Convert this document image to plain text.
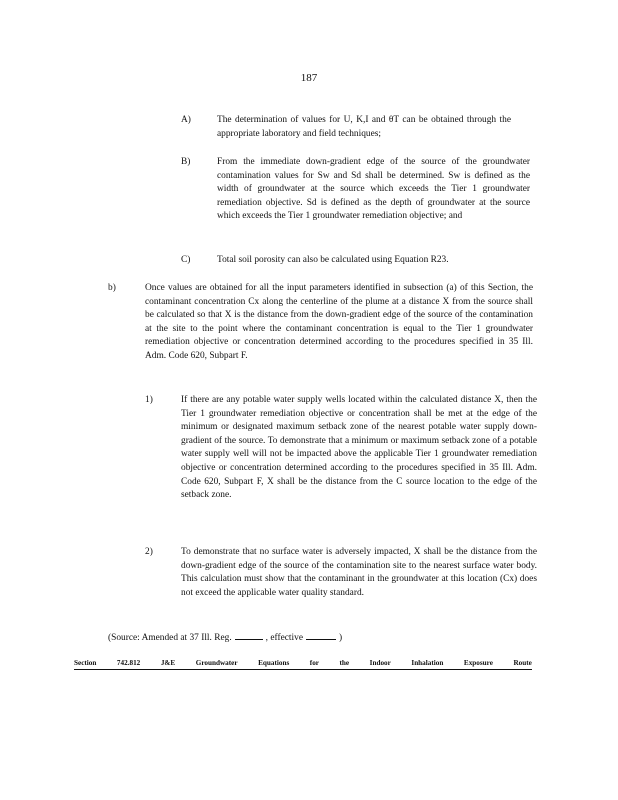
187
A)	The determination of values for U, K,I and θT can be obtained through the appropriate laboratory and field techniques;
B)	From the immediate down-gradient edge of the source of the groundwater contamination values for Sw and Sd shall be determined. Sw is defined as the width of groundwater at the source which exceeds the Tier 1 groundwater remediation objective. Sd is defined as the depth of groundwater at the source which exceeds the Tier 1 groundwater remediation objective; and
C)	Total soil porosity can also be calculated using Equation R23.
b)	Once values are obtained for all the input parameters identified in subsection (a) of this Section, the contaminant concentration Cx along the centerline of the plume at a distance X from the source shall be calculated so that X is the distance from the down-gradient edge of the source of the contamination at the site to the point where the contaminant concentration is equal to the Tier 1 groundwater remediation objective or concentration determined according to the procedures specified in 35 Ill. Adm. Code 620, Subpart F.
1)	If there are any potable water supply wells located within the calculated distance X, then the Tier 1 groundwater remediation objective or concentration shall be met at the edge of the minimum or designated maximum setback zone of the nearest potable water supply down-gradient of the source. To demonstrate that a minimum or maximum setback zone of a potable water supply well will not be impacted above the applicable Tier 1 groundwater remediation objective or concentration determined according to the procedures specified in 35 Ill. Adm. Code 620, Subpart F, X shall be the distance from the C source location to the edge of the setback zone.
2)	To demonstrate that no surface water is adversely impacted, X shall be the distance from the down-gradient edge of the source of the contamination site to the nearest surface water body. This calculation must show that the contaminant in the groundwater at this location (Cx) does not exceed the applicable water quality standard.
(Source: Amended at 37 Ill. Reg.	, effective	)
Section	742.812	J&E	Groundwater	Equations	for	the	Indoor	Inhalation	Exposure	Route
